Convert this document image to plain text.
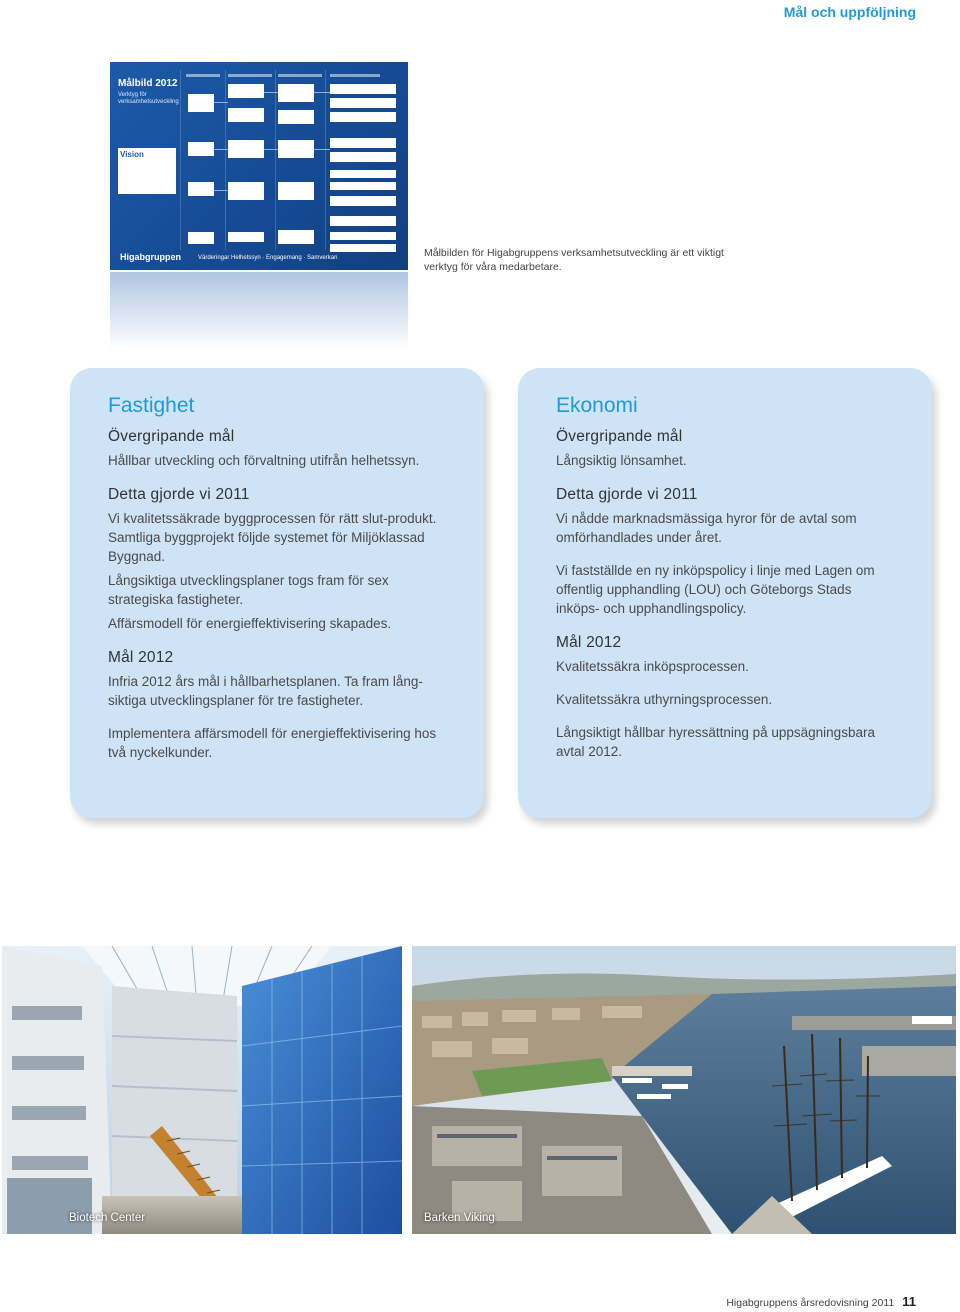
Mål och uppföljning
Målbild 2012
Verktyg för verksamhetsutveckling
Vision
Higabgruppen	Värderingar Helhetssyn · Engagemang · Samverkan	Målbilden för Higabgruppens verksamhetsutveckling är ett viktigt verktyg för våra medarbetare.
Fastighet
Övergripande mål

Hållbar utveckling och förvaltning utifrån helhetssyn.

Detta gjorde vi 2011

Vi kvalitetssäkrade byggprocessen för rätt slut-produkt. Samtliga byggprojekt följde systemet för Miljöklassad Byggnad.

Långsiktiga utvecklingsplaner togs fram för sex strategiska fastigheter.

Affärsmodell för energieffektivisering skapades.

Mål 2012

Infria 2012 års mål i hållbarhetsplanen. Ta fram lång-siktiga utvecklingsplaner för tre fastigheter.

Implementera affärsmodell för energieffektivisering hos två nyckelkunder.

Ekonomi
Övergripande mål

Långsiktig lönsamhet.

Detta gjorde vi 2011

Vi nådde marknadsmässiga hyror för de avtal som omförhandlades under året.

Vi fastställde en ny inköpspolicy i linje med Lagen om offentlig upphandling (LOU) och Göteborgs Stads inköps- och upphandlingspolicy.

Mål 2012

Kvalitetssäkra inköpsprocessen.

Kvalitetssäkra uthyrningsprocessen.

Långsiktigt hållbar hyressättning på uppsägningsbara avtal 2012.

Biotech Center	Barken Viking
Higabgruppens årsredovisning 2011 11
